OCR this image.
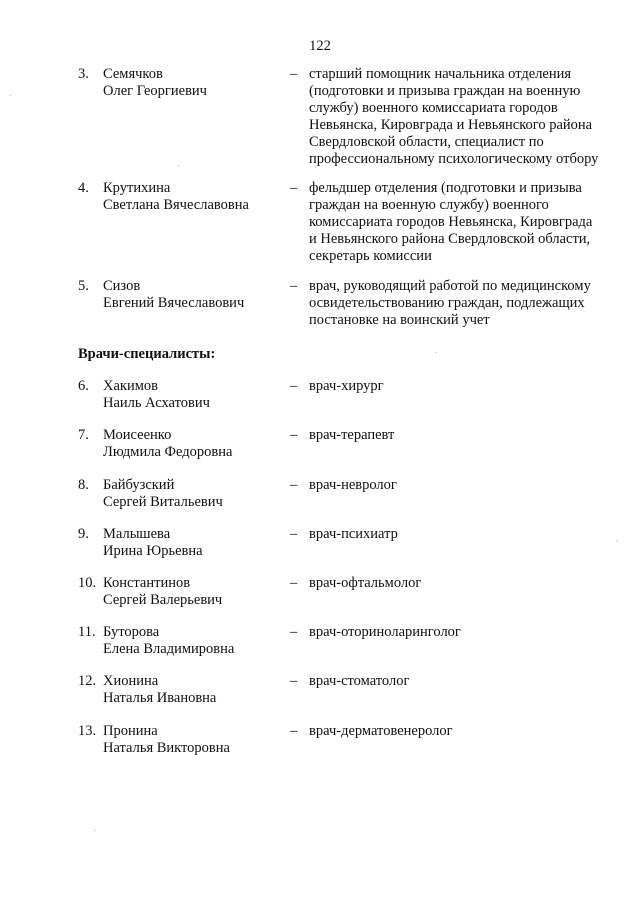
122
3. Семячков
Олег Георгиевич
– старший помощник начальника отделения
(подготовки и призыва граждан на военную
службу) военного комиссариата городов
Невьянска, Кировграда и Невьянского района
Свердловской области, специалист по
профессиональному психологическому отбору
4. Крутихина
Светлана Вячеславовна
– фельдшер отделения (подготовки и призыва
граждан на военную службу) военного
комиссариата городов Невьянска, Кировграда
и Невьянского района Свердловской области,
секретарь комиссии
5. Сизов
Евгений Вячеславович
– врач, руководящий работой по медицинскому
освидетельствованию граждан, подлежащих
постановке на воинский учет
Врачи-специалисты:
6. Хакимов
Наиль Асхатович
– врач-хирург
7. Моисеенко
Людмила Федоровна
– врач-терапевт
8. Байбузский
Сергей Витальевич
– врач-невролог
9. Малышева
Ирина Юрьевна
– врач-психиатр
10. Константинов
Сергей Валерьевич
– врач-офтальмолог
11. Буторова
Елена Владимировна
– врач-оториноларинголог
12. Хионина
Наталья Ивановна
– врач-стоматолог
13. Пронина
Наталья Викторовна
– врач-дерматовенеролог
